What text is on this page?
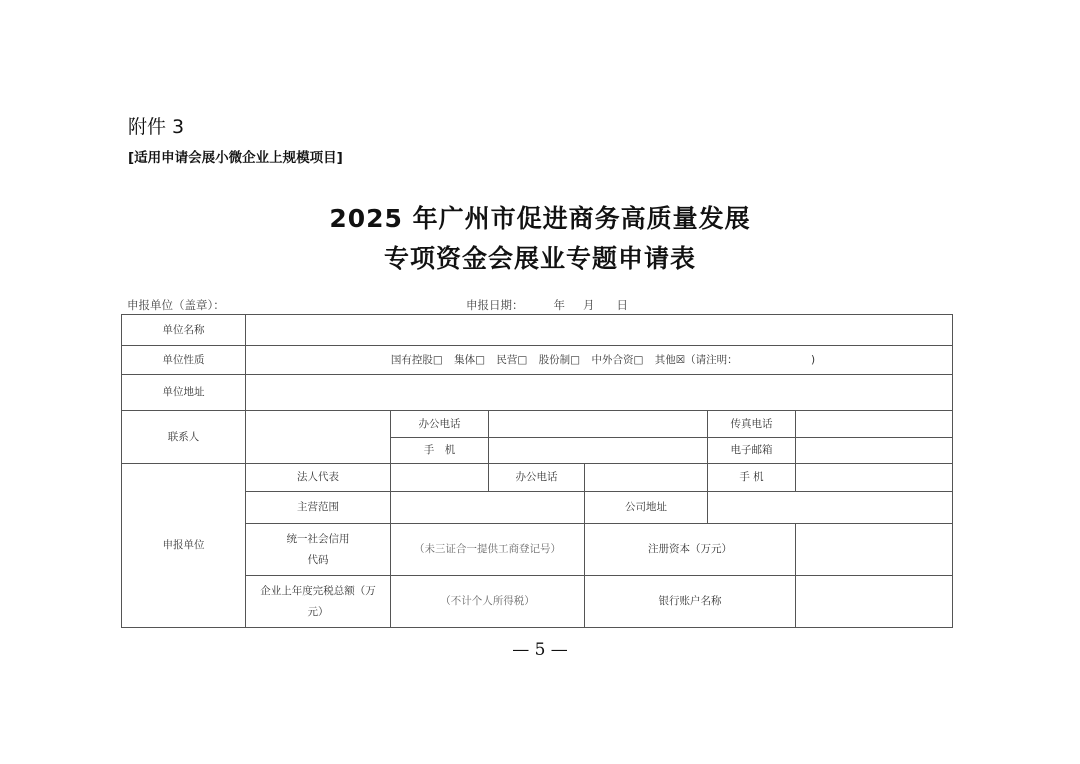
附件 3
[适用申请会展小微企业上规模项目]
2025 年广州市促进商务高质量发展
专项资金会展业专题申请表
申报单位（盖章）：	申报日期：	年 月 日
单位名称						
单位性质	国有控股□ 集体□ 民营□ 股份制□ 中外合资□ 其他☒（请注明： )					
单位地址						
联系人		办公电话			传真电话	
		手　机			电子邮箱	
申报单位	法人代表		办公电话		手 机	
	主营范围			公司地址		

	统一社会信用
代码	（未三证合一提供工商登记号）		注册资本（万元）		

	企业上年度完税总额（万
元）	（不计个人所得税）		银行账户名称		
— 5 —
